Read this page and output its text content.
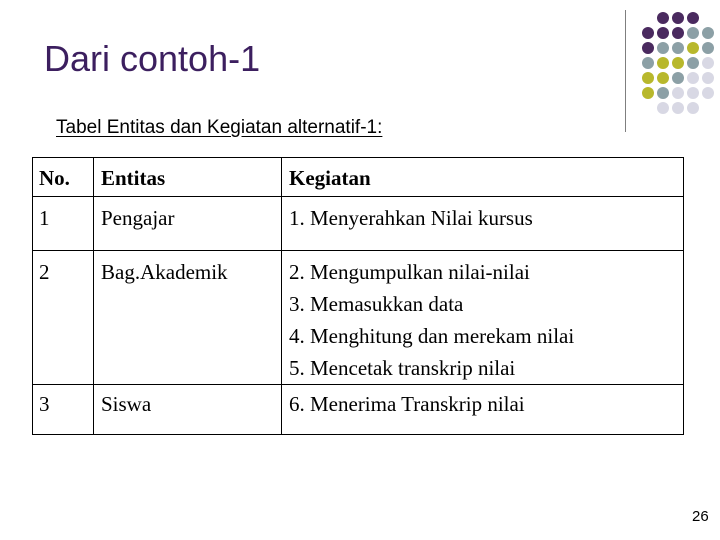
Dari contoh-1
Tabel Entitas dan Kegiatan alternatif-1:
No. Entitas	Kegiatan
1 Pengajar	1. Menyerahkan Nilai kursus
2 Bag.Akademik	2. Mengumpulkan nilai-nilai
3. Memasukkan data
4. Menghitung dan merekam nilai
5. Mencetak transkrip nilai
3 Siswa	6. Menerima Transkrip nilai
26
